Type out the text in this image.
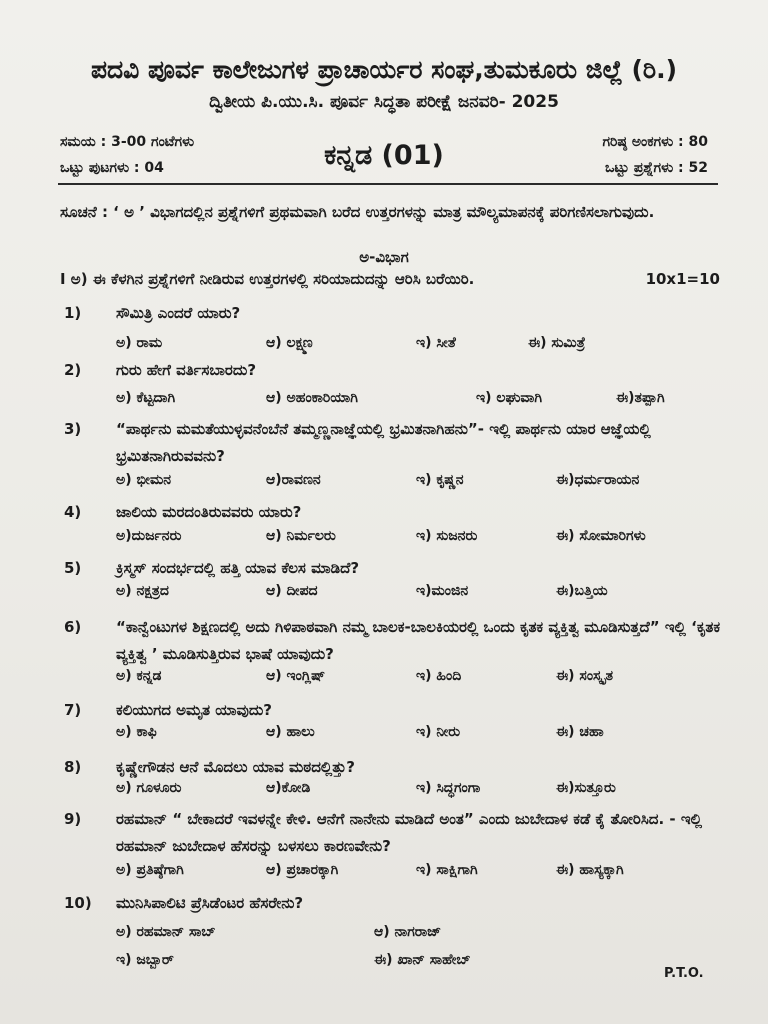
ಪದವಿ ಪೂರ್ವ ಕಾಲೇಜುಗಳ ಪ್ರಾಚಾರ್ಯರ ಸಂಘ,ತುಮಕೂರು ಜಿಲ್ಲೆ (ರಿ.)
ದ್ವಿತೀಯ ಪಿ.ಯು.ಸಿ. ಪೂರ್ವ ಸಿದ್ಧತಾ ಪರೀಕ್ಷೆ ಜನವರಿ- 2025
ಸಮಯ : 3-00 ಗಂಟೆಗಳು
ಒಟ್ಟು ಪುಟಗಳು : 04	ಕನ್ನಡ (01)	ಗರಿಷ್ಠ ಅಂಕಗಳು : 80
ಒಟ್ಟು ಪ್ರಶ್ನೆಗಳು : 52
ಸೂಚನೆ : ‘ ಅ ’ ವಿಭಾಗದಲ್ಲಿನ ಪ್ರಶ್ನೆಗಳಿಗೆ ಪ್ರಥಮವಾಗಿ ಬರೆದ ಉತ್ತರಗಳನ್ನು ಮಾತ್ರ ಮೌಲ್ಯಮಾಪನಕ್ಕೆ ಪರಿಗಣಿಸಲಾಗುವುದು.
ಅ-ವಿಭಾಗ
I ಅ) ಈ ಕೆಳಗಿನ ಪ್ರಶ್ನೆಗಳಿಗೆ ನೀಡಿರುವ ಉತ್ತರಗಳಲ್ಲಿ ಸರಿಯಾದುದನ್ನು ಆರಿಸಿ ಬರೆಯಿರಿ.	10x1=10
1) ಸೌಮಿತ್ರಿ ಎಂದರೆ ಯಾರು?
ಅ) ರಾಮ	ಆ) ಲಕ್ಷ್ಮಣ	ಇ) ಸೀತೆ	ಈ) ಸುಮಿತ್ರೆ
2) ಗುರು ಹೇಗೆ ವರ್ತಿಸಬಾರದು?
ಅ) ಕೆಟ್ಟದಾಗಿ	ಆ) ಅಹಂಕಾರಿಯಾಗಿ	ಇ) ಲಘುವಾಗಿ	ಈ)ತಪ್ಪಾಗಿ
3) “ಪಾರ್ಥನು ಮಮತೆಯುಳ್ಳವನೆಂಬೆನೆ ತಮ್ಮಣ್ಣನಾಜ್ಞೆಯಲ್ಲಿ ಭ್ರಮಿತನಾಗಿಹನು”- ಇಲ್ಲಿ ಪಾರ್ಥನು ಯಾರ ಆಜ್ಞೆಯಲ್ಲಿ ಭ್ರಮಿತನಾಗಿರುವವನು?
ಅ) ಭೀಮನ	ಆ)ರಾವಣನ	ಇ) ಕೃಷ್ಣನ	ಈ)ಧರ್ಮರಾಯನ
4) ಜಾಲಿಯ ಮರದಂತಿರುವವರು ಯಾರು?
ಅ)ದುರ್ಜನರು	ಆ) ನಿರ್ಮಲರು	ಇ) ಸುಜನರು	ಈ) ಸೋಮಾರಿಗಳು
5) ಕ್ರಿಸ್ಮಸ್ ಸಂದರ್ಭದಲ್ಲಿ ಹತ್ತಿ ಯಾವ ಕೆಲಸ ಮಾಡಿದೆ?
ಅ) ನಕ್ಷತ್ರದ	ಆ) ದೀಪದ	ಇ)ಮಂಜಿನ	ಈ)ಬತ್ತಿಯ
6) “ಕಾನ್ವೆಂಟುಗಳ ಶಿಕ್ಷಣದಲ್ಲಿ ಅದು ಗಿಳಿಪಾಠವಾಗಿ ನಮ್ಮ ಬಾಲಕ-ಬಾಲಕಿಯರಲ್ಲಿ ಒಂದು ಕೃತಕ ವ್ಯಕ್ತಿತ್ವ ಮೂಡಿಸುತ್ತದೆ” ಇಲ್ಲಿ ‘ಕೃತಕ ವ್ಯಕ್ತಿತ್ವ ’ ಮೂಡಿಸುತ್ತಿರುವ ಭಾಷೆ ಯಾವುದು?
ಅ) ಕನ್ನಡ	ಆ) ಇಂಗ್ಲಿಷ್	ಇ) ಹಿಂದಿ	ಈ) ಸಂಸ್ಕೃತ
7) ಕಲಿಯುಗದ ಅಮೃತ ಯಾವುದು?
ಅ) ಕಾಫಿ	ಆ) ಹಾಲು	ಇ) ನೀರು	ಈ) ಚಹಾ
8) ಕೃಷ್ಣೇಗೌಡನ ಆನೆ ಮೊದಲು ಯಾವ ಮಠದಲ್ಲಿತ್ತು?
ಅ) ಗೂಳೂರು	ಆ)ಕೋಡಿ	ಇ) ಸಿದ್ಧಗಂಗಾ	ಈ)ಸುತ್ತೂರು
9) ರಹಮಾನ್ “ ಬೇಕಾದರೆ ಇವಳನ್ನೇ ಕೇಳಿ. ಆನೆಗೆ ನಾನೇನು ಮಾಡಿದೆ ಅಂತ” ಎಂದು ಜುಬೇದಾಳ ಕಡೆ ಕೈ ತೋರಿಸಿದ. - ಇಲ್ಲಿ ರಹಮಾನ್ ಜುಬೇದಾಳ ಹೆಸರನ್ನು ಬಳಸಲು ಕಾರಣವೇನು?
ಅ) ಪ್ರತಿಷ್ಠೆಗಾಗಿ	ಆ) ಪ್ರಚಾರಕ್ಕಾಗಿ	ಇ) ಸಾಕ್ಷಿಗಾಗಿ	ಈ) ಹಾಸ್ಯಕ್ಕಾಗಿ
10) ಮುನಿಸಿಪಾಲಿಟಿ ಪ್ರೆಸಿಡೆಂಟರ ಹೆಸರೇನು?
ಅ) ರಹಮಾನ್ ಸಾಬ್	ಆ) ನಾಗರಾಜ್
ಇ) ಜಬ್ಬಾರ್	ಈ) ಖಾನ್ ಸಾಹೇಬ್
P.T.O.
